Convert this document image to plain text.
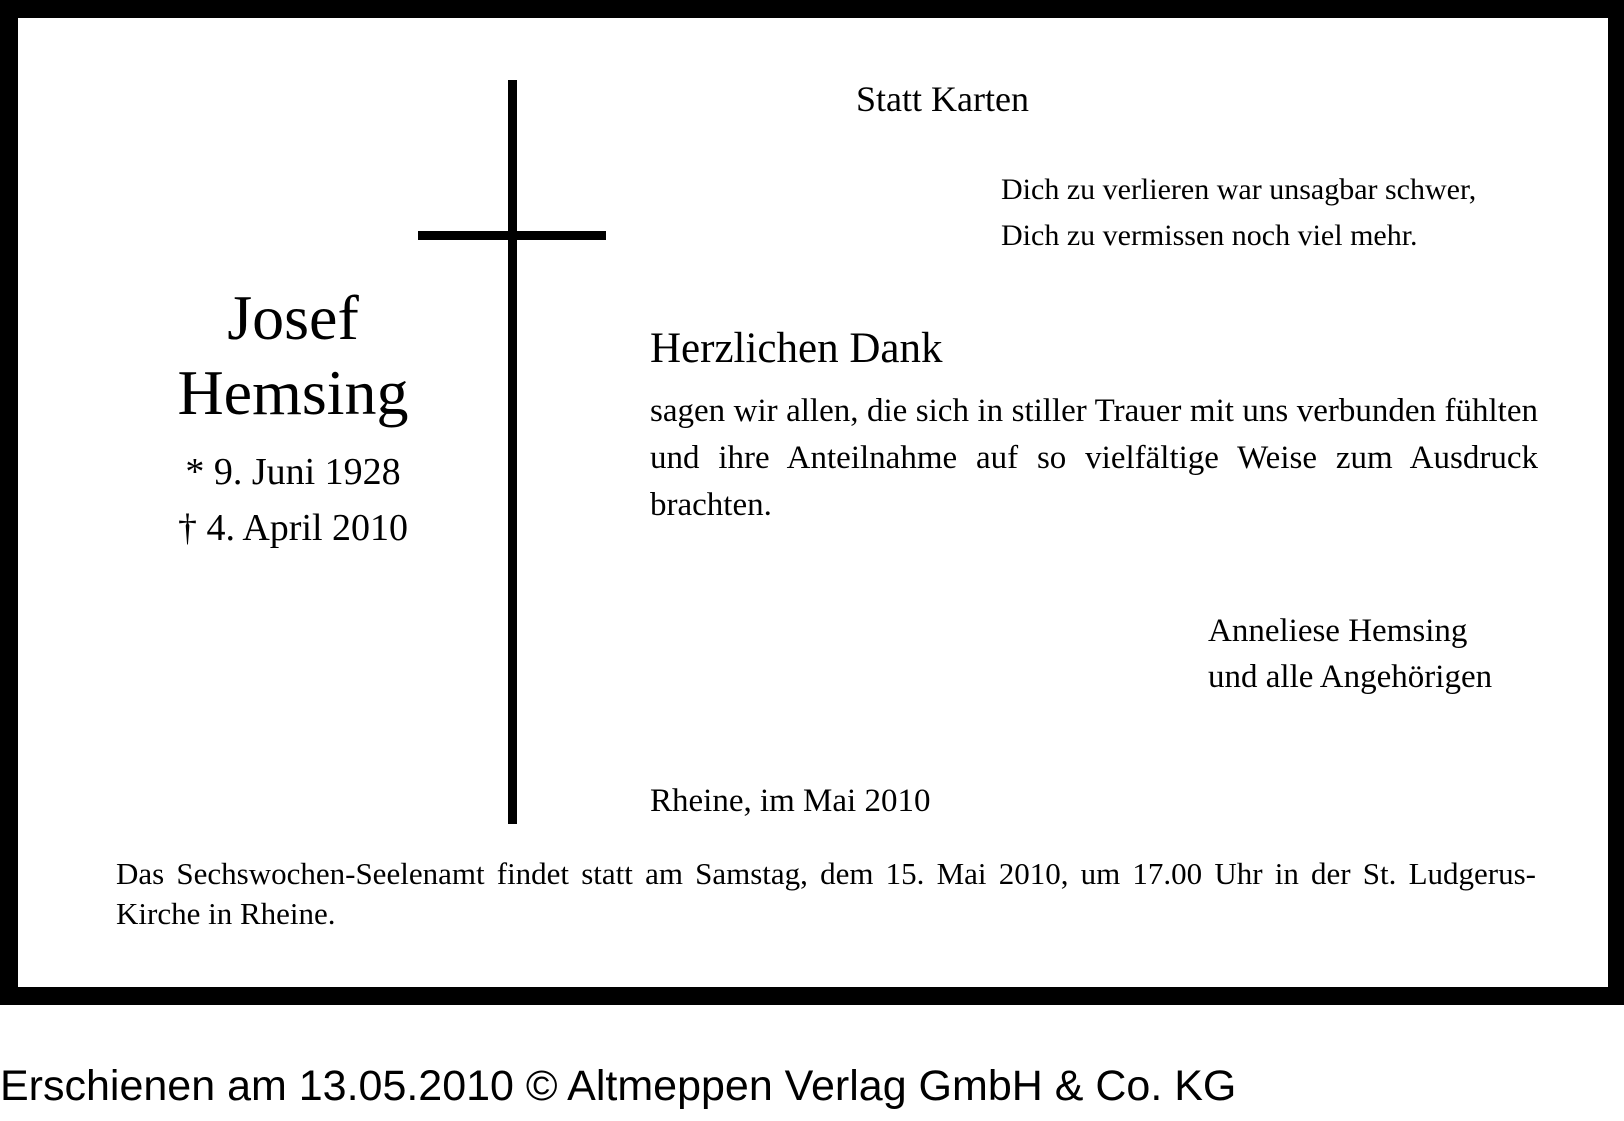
Statt Karten
Dich zu verlieren war unsagbar schwer,
Dich zu vermissen noch viel mehr.
Josef
Hemsing
* 9. Juni 1928
† 4. April 2010
Herzlichen Dank
sagen wir allen, die sich in stiller Trauer mit uns verbunden fühlten und ihre Anteilnahme auf so vielfältige Weise zum Ausdruck brachten.
Anneliese Hemsing
und alle Angehörigen
Rheine, im Mai 2010
Das Sechswochen-Seelenamt findet statt am Samstag, dem 15. Mai 2010, um 17.00 Uhr in der St. Ludgerus-Kirche in Rheine.
Erschienen am 13.05.2010 © Altmeppen Verlag GmbH & Co. KG
